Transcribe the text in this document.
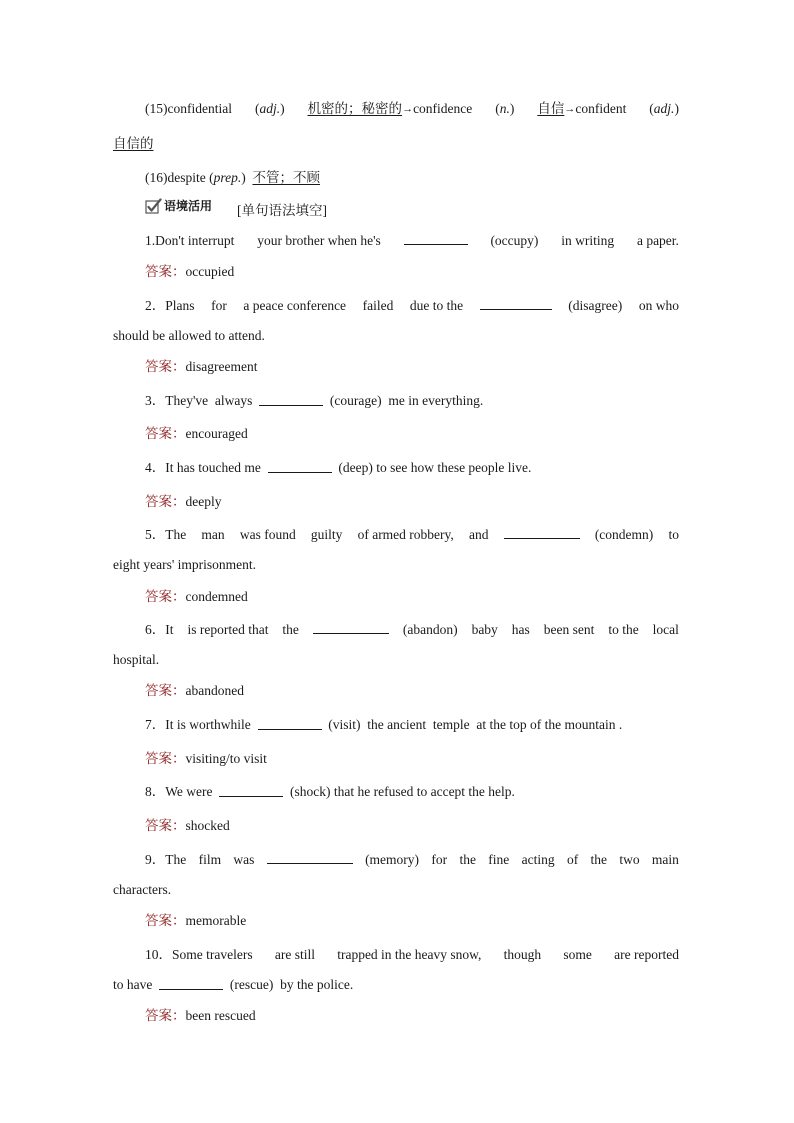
(15)confidential (adj.) 机密的；秘密的→confidence (n.) 自信→confident (adj.)
自信的
(16)despite (prep.)  不管；不顾
语境活用 [单句语法填空]
1.Don't interrupt your brother when he's	(occupy) in writing a paper.
答案：occupied
2．Plans for a peace conference failed due to the	(disagree) on who
should be allowed to attend.
答案：disagreement
3．They've always	(courage) me in everything.
答案：encouraged
4．It has touched me	(deep) to see how these people live.
答案：deeply
5．The man was found guilty of armed robbery, and	(condemn) to
eight years' imprisonment.
答案：condemned
6．It is reported that the	(abandon) baby has been sent to the local
hospital.
答案：abandoned
7．It is worthwhile	(visit) the ancient temple at the top of the mountain .
答案：visiting/to visit
8．We were	(shock) that he refused to accept the help.
答案：shocked
9．The film was	(memory) for the fine acting of the two main
characters.
答案：memorable
10．Some travelers are still trapped in the heavy snow, though some are reported
to have	(rescue) by the police.
答案：been rescued
